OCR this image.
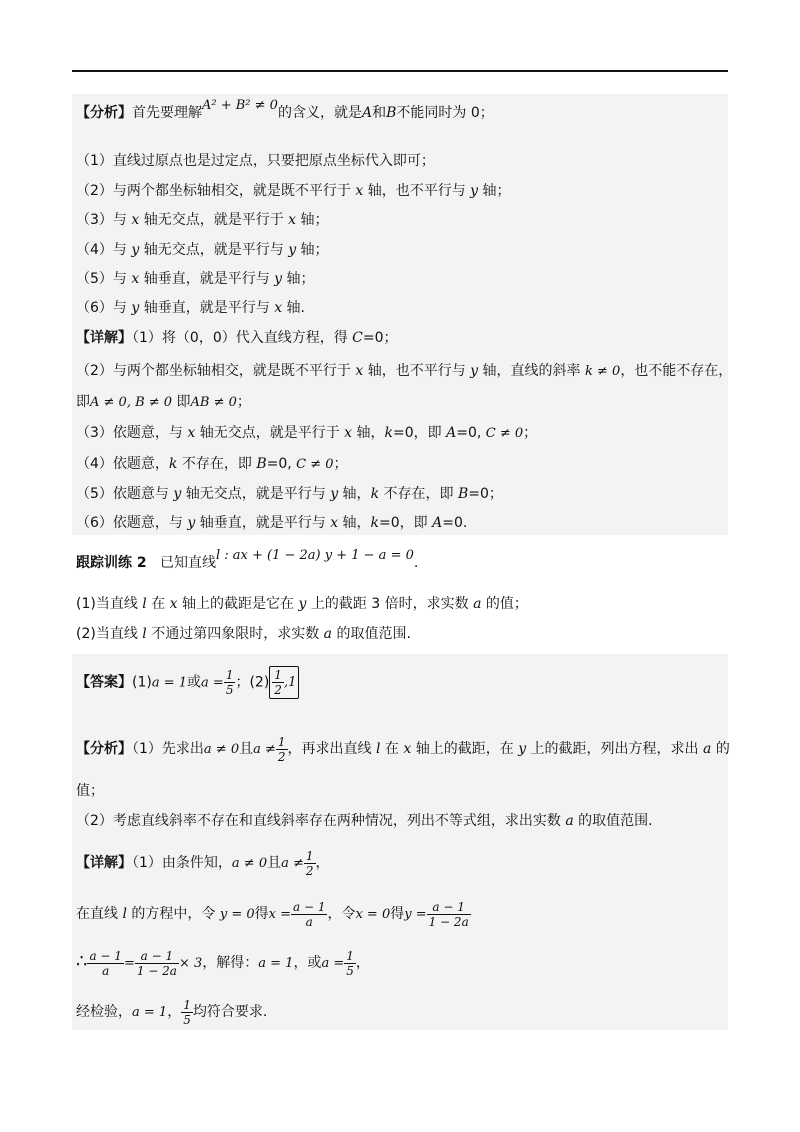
【分析】首先要理解A² + B² ≠ 0的含义，就是A和B不能同时为 0；
（1）直线过原点也是过定点，只要把原点坐标代入即可；
（2）与两个都坐标轴相交，就是既不平行于 x 轴，也不平行与 y 轴；
（3）与 x 轴无交点，就是平行于 x 轴；
（4）与 y 轴无交点，就是平行与 y 轴；
（5）与 x 轴垂直，就是平行与 y 轴；
（6）与 y 轴垂直，就是平行与 x 轴.
【详解】（1）将（0，0）代入直线方程，得 C=0；
（2）与两个都坐标轴相交，就是既不平行于 x 轴，也不平行与 y 轴，直线的斜率 k ≠ 0，也不能不存在，
即A ≠ 0, B ≠ 0 即AB ≠ 0；
（3）依题意，与 x 轴无交点，就是平行于 x 轴，k=0，即 A=0, C ≠ 0；
（4）依题意，k 不存在，即 B=0, C ≠ 0；
（5）依题意与 y 轴无交点，就是平行与 y 轴，k 不存在，即 B=0；
（6）依题意，与 y 轴垂直，就是平行与 x 轴，k=0，即 A=0.
跟踪训练 2 已知直线l : ax + (1 − 2a) y + 1 − a = 0.
(1)当直线 l 在 x 轴上的截距是它在 y 上的截距 3 倍时，求实数 a 的值；
(2)当直线 l 不通过第四象限时，求实数 a 的取值范围.
【答案】(1)a = 1或$a = \frac{1}{5}$ ；$(2) \frac{1}{2} ,1$
【分析】（1）先求出a ≠ 0且$a \ne \frac{1}{2}$ ，再求出直线 l 在 x 轴上的截距，在 y 上的截距，列出方程，求出 a 的
值；
（2）考虑直线斜率不存在和直线斜率存在两种情况，列出不等式组，求出实数 a 的取值范围.
【详解】（1）由条件知，a ≠ 0且$a \ne \frac{1}{2}$ ，
在直线 l 的方程中，令 y = 0得$x = \frac{a - 1}{a}$ ，令x = 0得$y = \frac{a - 1}{1 - 2a}$
∴ $\frac{a - 1}{a} = \frac{a - 1}{1 - 2a} \times 3$，解得：a = 1，或$a = \frac{1}{5}$ ，
经检验，a = 1， $\frac{1}{5}$ 均符合要求.
